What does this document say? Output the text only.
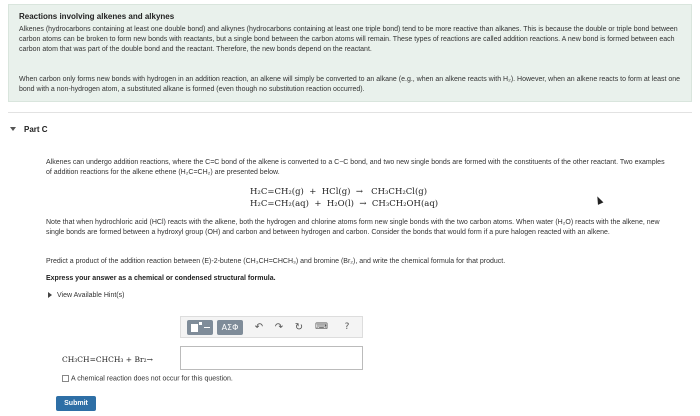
Reactions involving alkenes and alkynes

Alkenes (hydrocarbons containing at least one double bond) and alkynes (hydrocarbons containing at least one triple bond) tend to be more reactive than alkanes. This is because the double or triple bond between carbon atoms can be broken to form new bonds with reactants, but a single bond between the carbon atoms will remain. These types of reactions are called addition reactions. A new bond is formed between each carbon atom that was part of the double bond and the reactant. Therefore, the new bonds depend on the reactant.

When carbon only forms new bonds with hydrogen in an addition reaction, an alkene will simply be converted to an alkane (e.g., when an alkene reacts with H₂). However, when an alkene reacts to form at least one bond with a non-hydrogen atom, a substituted alkane is formed (even though no substitution reaction occurred).

Part C

Alkenes can undergo addition reactions, where the C=C bond of the alkene is converted to a C−C bond, and two new single bonds are formed with the constituents of the other reactant. Two examples of addition reactions for the alkene ethene (H₂C=CH₂) are presented below.

H₂C=CH₂(g)  +  HCl(g)  →   CH₃CH₂Cl(g)
H₂C=CH₂(aq)  +  H₂O(l)  →  CH₃CH₂OH(aq)

Note that when hydrochloric acid (HCl) reacts with the alkene, both the hydrogen and chlorine atoms form new single bonds with the two carbon atoms. When water (H₂O) reacts with the alkene, new single bonds are formed between a hydroxyl group (OH) and carbon and between hydrogen and carbon. Consider the bonds that would form if a pure halogen reacted with an alkene.

Predict a product of the addition reaction between (E)-2-butene (CH₃CH=CHCH₃) and bromine (Br₂), and write the chemical formula for that product.

Express your answer as a chemical or condensed structural formula.

View Available Hint(s)
AΣΦ	↶ ↷ ↻ ⌨	?
CH₃CH=CHCH₃ + Br₂→
A chemical reaction does not occur for this question.
Submit
